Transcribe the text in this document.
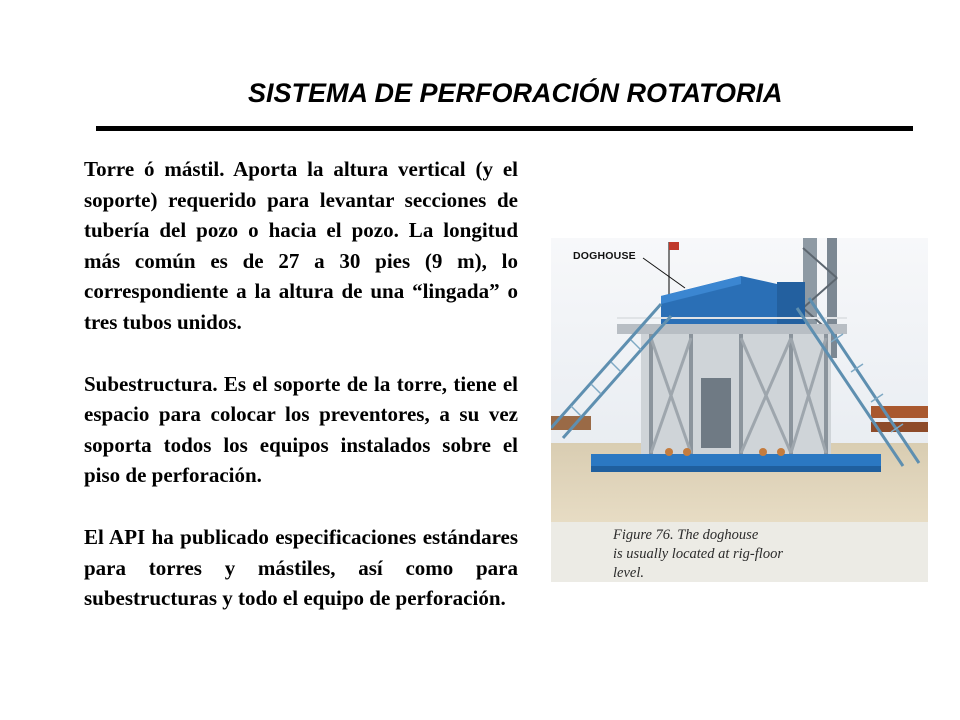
SISTEMA DE PERFORACIÓN ROTATORIA

Torre ó mástil. Aporta la altura vertical (y el soporte) requerido para levantar secciones de tubería del pozo o hacia el pozo. La longitud más común es de 27 a 30 pies (9 m), lo correspondiente a la altura de una “lingada” o tres tubos unidos.

Subestructura. Es el soporte de la torre, tiene el espacio para colocar los preventores, a su vez soporta todos los equipos instalados sobre el piso de perforación.

El API ha publicado especificaciones estándares para torres y mástiles, así como para subestructuras y todo el equipo de perforación.

DOGHOUSE
Figure 76. The doghouse
is usually located at rig-floor
level.
